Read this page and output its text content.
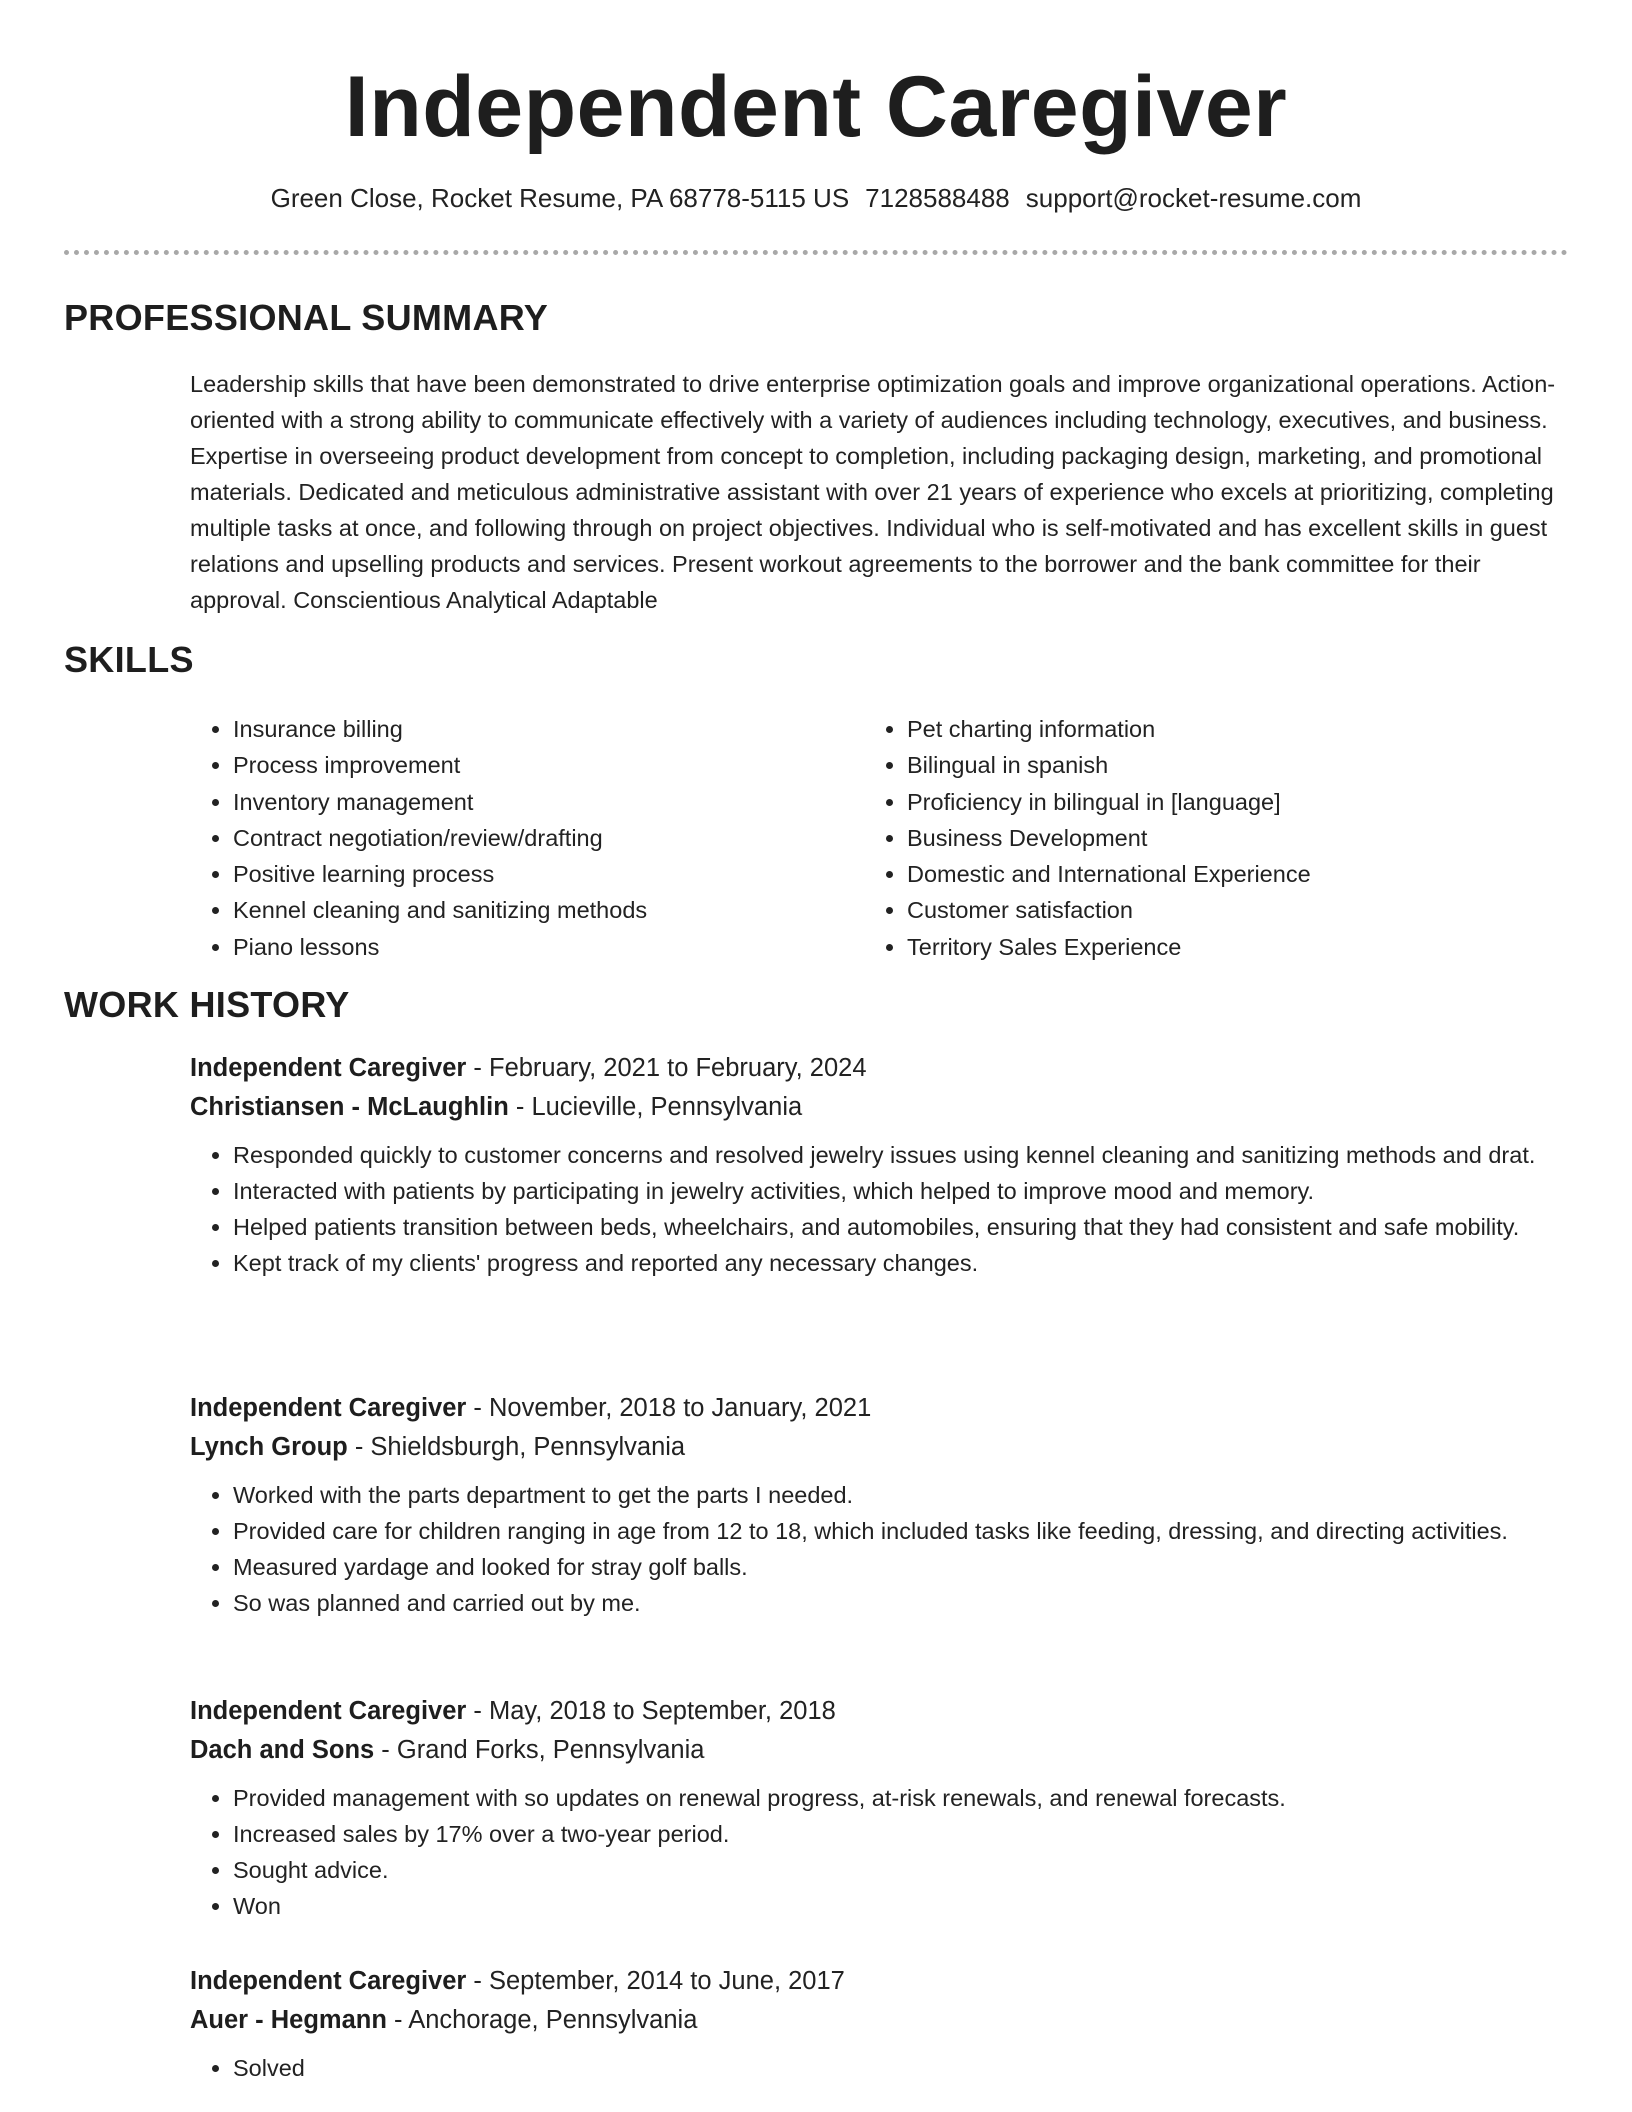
Independent Caregiver
Green Close, Rocket Resume, PA 68778-5115 US 7128588488 support@rocket-resume.com
PROFESSIONAL SUMMARY

Leadership skills that have been demonstrated to drive enterprise optimization goals and improve organizational operations. Action-oriented with a strong ability to communicate effectively with a variety of audiences including technology, executives, and business. Expertise in overseeing product development from concept to completion, including packaging design, marketing, and promotional materials. Dedicated and meticulous administrative assistant with over 21 years of experience who excels at prioritizing, completing multiple tasks at once, and following through on project objectives. Individual who is self-motivated and has excellent skills in guest relations and upselling products and services. Present workout agreements to the borrower and the bank committee for their approval. Conscientious Analytical Adaptable

SKILLS
• Insurance billing
• Process improvement
• Inventory management
• Contract negotiation/review/drafting
• Positive learning process
• Kennel cleaning and sanitizing methods
• Piano lessons
• Pet charting information
• Bilingual in spanish
• Proficiency in bilingual in [language]
• Business Development
• Domestic and International Experience
• Customer satisfaction
• Territory Sales Experience
WORK HISTORY
Independent Caregiver - February, 2021 to February, 2024
Christiansen - McLaughlin - Lucieville, Pennsylvania
• Responded quickly to customer concerns and resolved jewelry issues using kennel cleaning and sanitizing methods and drat.
• Interacted with patients by participating in jewelry activities, which helped to improve mood and memory.
• Helped patients transition between beds, wheelchairs, and automobiles, ensuring that they had consistent and safe mobility.
• Kept track of my clients' progress and reported any necessary changes.
Independent Caregiver - November, 2018 to January, 2021
Lynch Group - Shieldsburgh, Pennsylvania
• Worked with the parts department to get the parts I needed.
• Provided care for children ranging in age from 12 to 18, which included tasks like feeding, dressing, and directing activities.
• Measured yardage and looked for stray golf balls.
• So was planned and carried out by me.
Independent Caregiver - May, 2018 to September, 2018
Dach and Sons - Grand Forks, Pennsylvania
• Provided management with so updates on renewal progress, at-risk renewals, and renewal forecasts.
• Increased sales by 17% over a two-year period.
• Sought advice.
• Won
Independent Caregiver - September, 2014 to June, 2017
Auer - Hegmann - Anchorage, Pennsylvania
• Solved
